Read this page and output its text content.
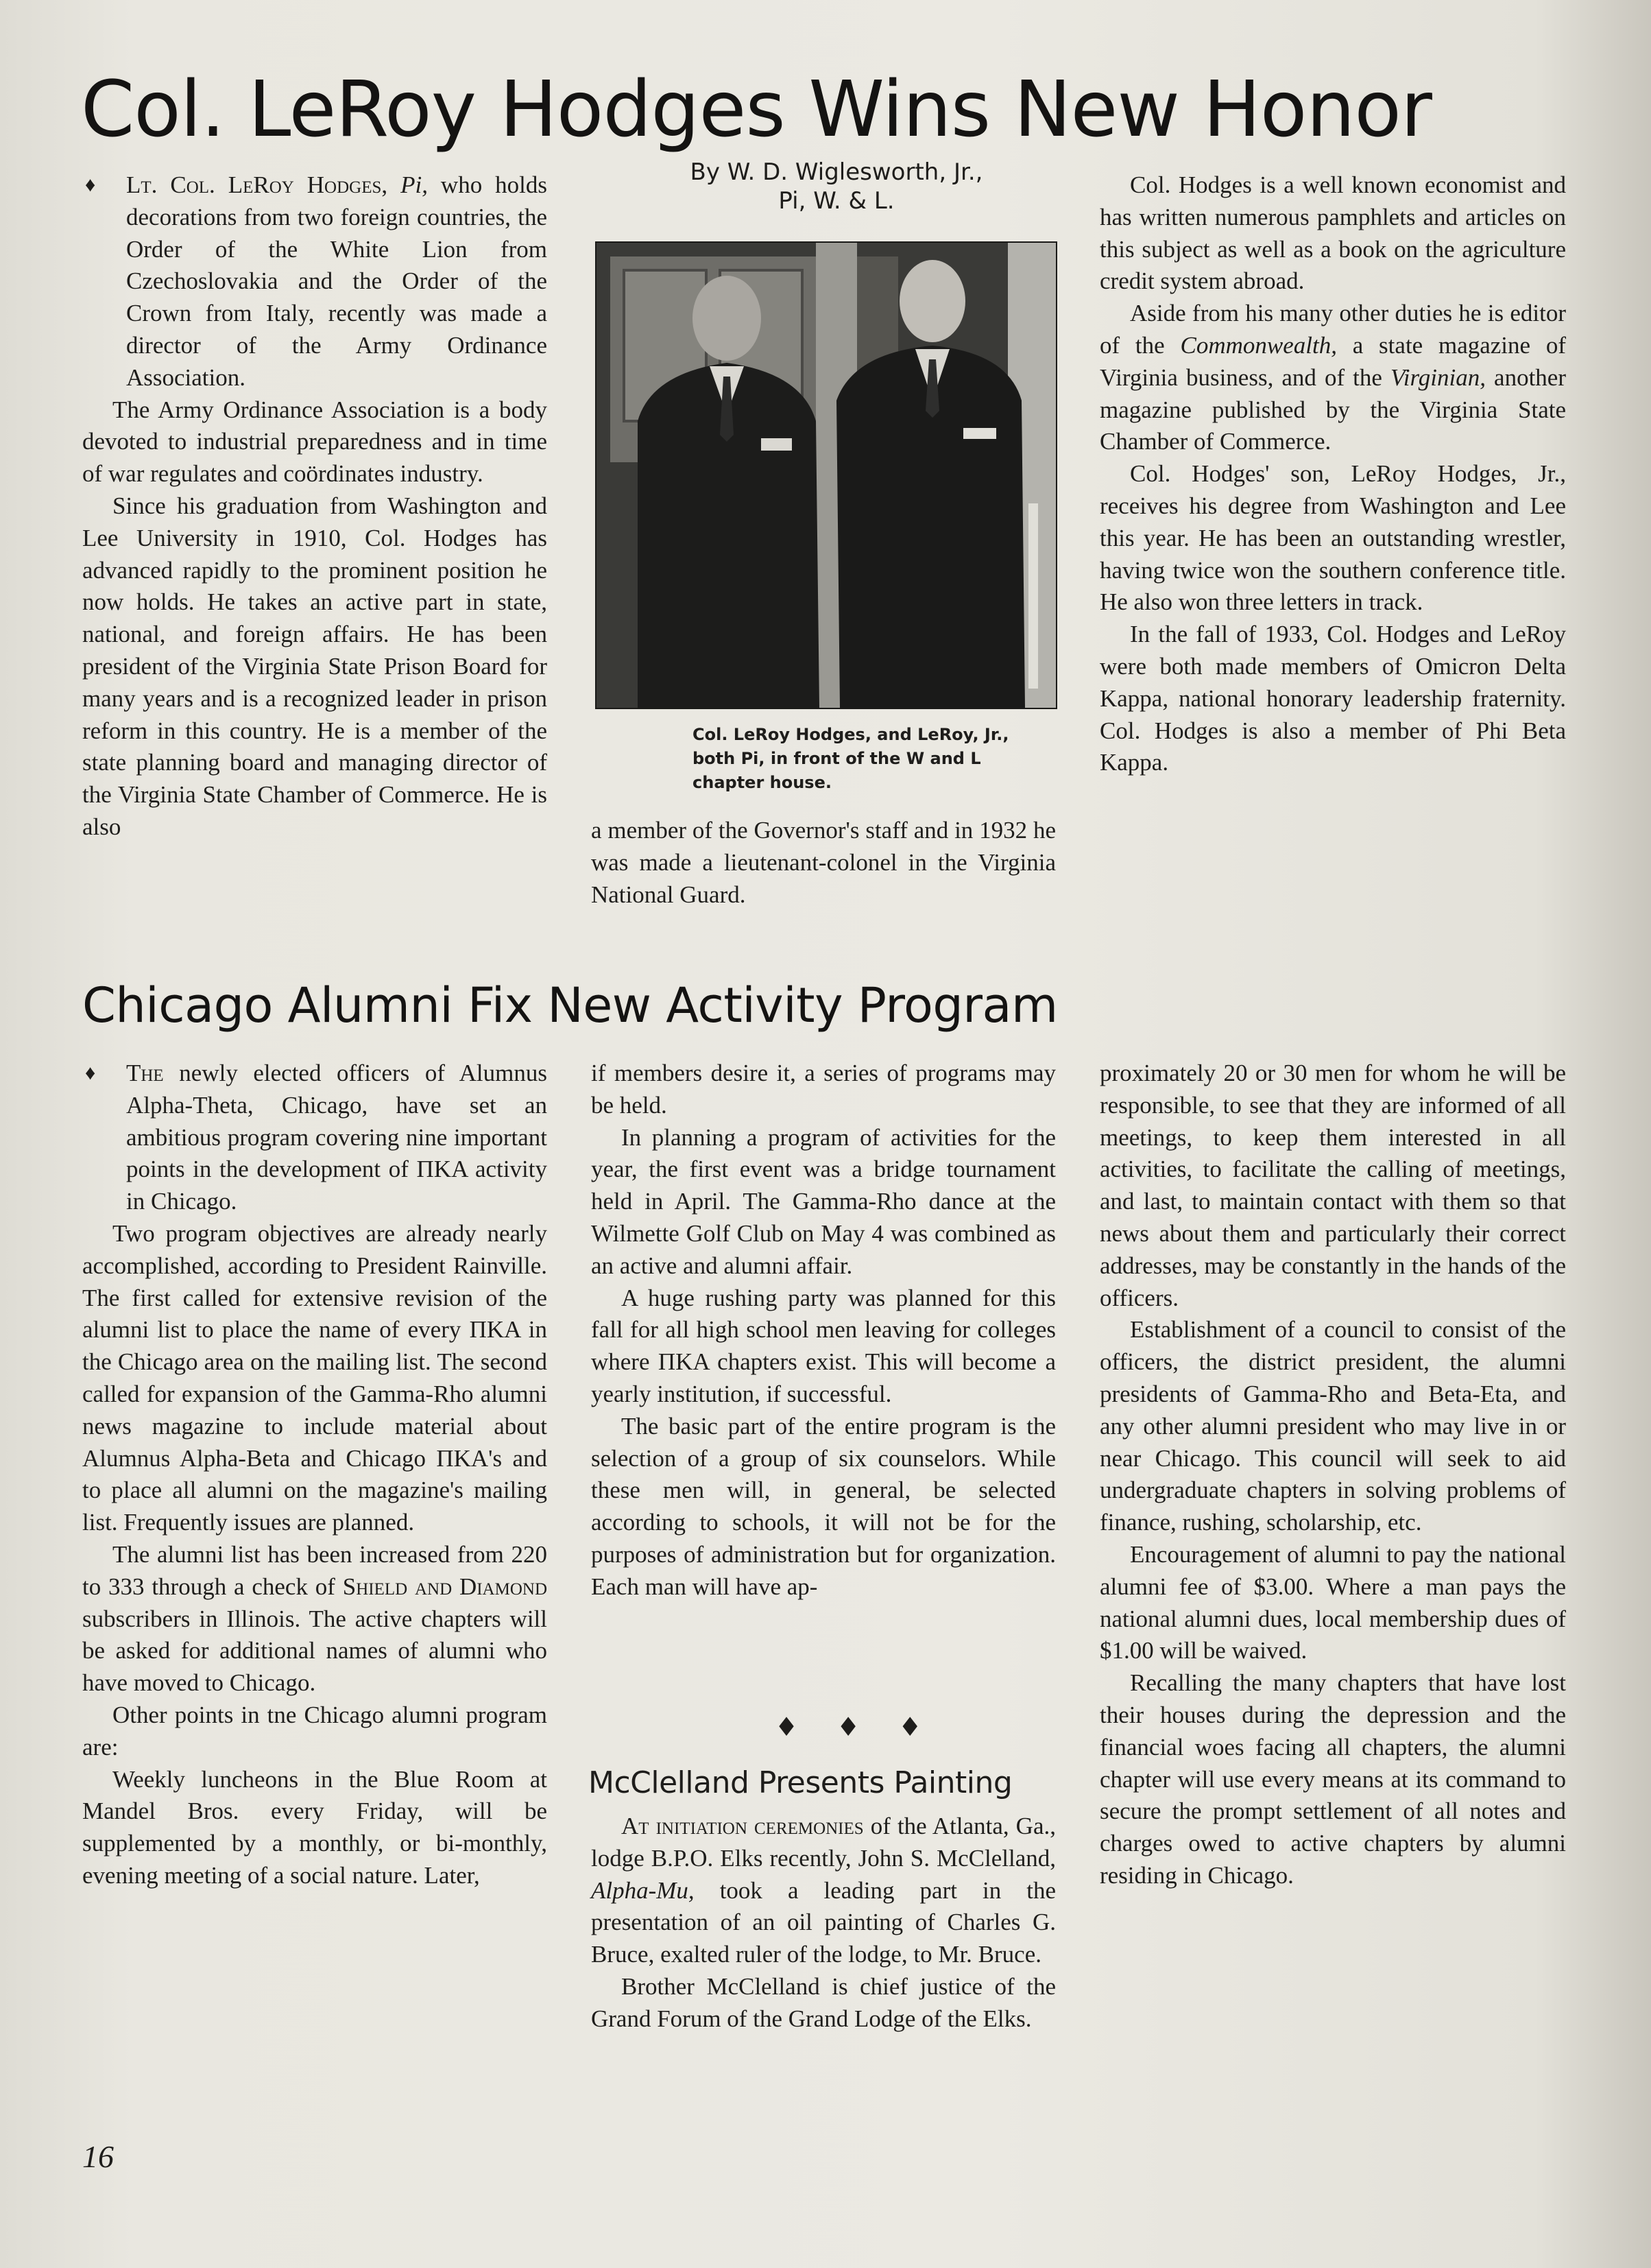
Col. LeRoy Hodges Wins New Honor

♦ Lt. Col. LeRoy Hodges, Pi, who holds decorations from two foreign countries, the Order of the White Lion from Czechoslovakia and the Order of the Crown from Italy, recently was made a director of the Army Ordinance Association.

The Army Ordinance Association is a body devoted to industrial preparedness and in time of war regulates and coördinates industry.

Since his graduation from Washington and Lee University in 1910, Col. Hodges has advanced rapidly to the prominent position he now holds. He takes an active part in state, national, and foreign affairs. He has been president of the Virginia State Prison Board for many years and is a recognized leader in prison reform in this country. He is a member of the state planning board and managing director of the Virginia State Chamber of Commerce. He is also

By W. D. Wiglesworth, Jr.,
Pi, W. & L.
Col. LeRoy Hodges, and LeRoy, Jr., both Pi, in front of the W and L chapter house.

a member of the Governor's staff and in 1932 he was made a lieutenant-colonel in the Virginia National Guard.

Col. Hodges is a well known economist and has written numerous pamphlets and articles on this subject as well as a book on the agriculture credit system abroad.

Aside from his many other duties he is editor of the Commonwealth, a state magazine of Virginia business, and of the Virginian, another magazine published by the Virginia State Chamber of Commerce.

Col. Hodges' son, LeRoy Hodges, Jr., receives his degree from Washington and Lee this year. He has been an outstanding wrestler, having twice won the southern conference title. He also won three letters in track.

In the fall of 1933, Col. Hodges and LeRoy were both made members of Omicron Delta Kappa, national honorary leadership fraternity. Col. Hodges is also a member of Phi Beta Kappa.

Chicago Alumni Fix New Activity Program

♦ The newly elected officers of Alumnus Alpha-Theta, Chicago, have set an ambitious program covering nine important points in the development of ΠΚΑ activity in Chicago.

Two program objectives are already nearly accomplished, according to President Rainville. The first called for extensive revision of the alumni list to place the name of every ΠΚΑ in the Chicago area on the mailing list. The second called for expansion of the Gamma-Rho alumni news magazine to include material about Alumnus Alpha-Beta and Chicago ΠΚΑ's and to place all alumni on the magazine's mailing list. Frequently issues are planned.

The alumni list has been increased from 220 to 333 through a check of Shield and Diamond subscribers in Illinois. The active chapters will be asked for additional names of alumni who have moved to Chicago.

Other points in tne Chicago alumni program are:

Weekly luncheons in the Blue Room at Mandel Bros. every Friday, will be supplemented by a monthly, or bi-monthly, evening meeting of a social nature. Later,

if members desire it, a series of programs may be held.

In planning a program of activities for the year, the first event was a bridge tournament held in April. The Gamma-Rho dance at the Wilmette Golf Club on May 4 was combined as an active and alumni affair.

A huge rushing party was planned for this fall for all high school men leaving for colleges where ΠΚΑ chapters exist. This will become a yearly institution, if successful.

The basic part of the entire program is the selection of a group of six counselors. While these men will, in general, be selected according to schools, it will not be for the purposes of administration but for organization. Each man will have ap-

proximately 20 or 30 men for whom he will be responsible, to see that they are informed of all meetings, to keep them interested in all activities, to facilitate the calling of meetings, and last, to maintain contact with them so that news about them and particularly their correct addresses, may be constantly in the hands of the officers.

Establishment of a council to consist of the officers, the district president, the alumni presidents of Gamma-Rho and Beta-Eta, and any other alumni president who may live in or near Chicago. This council will seek to aid undergraduate chapters in solving problems of finance, rushing, scholarship, etc.

Encouragement of alumni to pay the national alumni fee of $3.00. Where a man pays the national alumni dues, local membership dues of $1.00 will be waived.

Recalling the many chapters that have lost their houses during the depression and the financial woes facing all chapters, the alumni chapter will use every means at its command to secure the prompt settlement of all notes and charges owed to active chapters by alumni residing in Chicago.

♦ ♦ ♦
McClelland Presents Painting

At initiation ceremonies of the Atlanta, Ga., lodge B.P.O. Elks recently, John S. McClelland, Alpha-Mu, took a leading part in the presentation of an oil painting of Charles G. Bruce, exalted ruler of the lodge, to Mr. Bruce.

Brother McClelland is chief justice of the Grand Forum of the Grand Lodge of the Elks.

16
